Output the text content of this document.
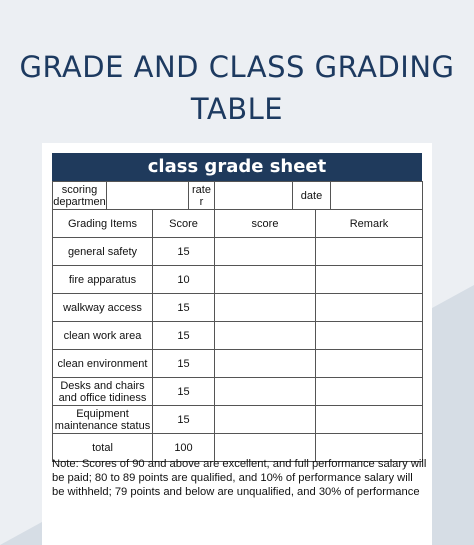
GRADE AND CLASS GRADING TABLE
class grade sheet
scoring departmen		rate r		date	
Grading Items	Score	score	Remark
general safety	15		
fire apparatus	10		
walkway access	15		
clean work area	15		
clean environment	15		
Desks and chairs and office tidiness	15		
Equipment maintenance status	15		
total	100		
Note: Scores of 90 and above are excellent, and full performance salary will be paid; 80 to 89 points are qualified, and 10% of performance salary will be withheld; 79 points and below are unqualified, and 30% of performance
